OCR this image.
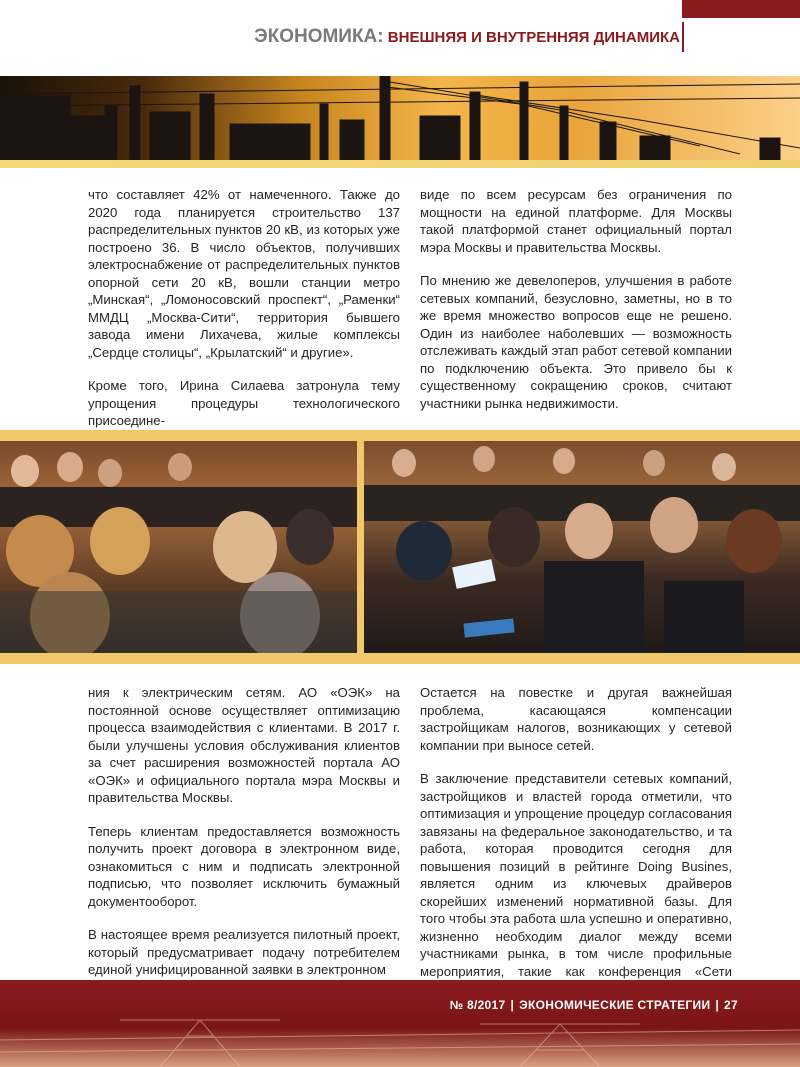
ЭКОНОМИКА: ВНЕШНЯЯ И ВНУТРЕННЯЯ ДИНАМИКА

что составляет 42% от намеченного. Также до 2020 года планируется строительство 137 распределительных пунктов 20 кВ, из которых уже построено 36. В число объектов, получивших электроснабжение от распределительных пунктов опорной сети 20 кВ, вошли станции метро „Минская“, „Ломоносовский проспект“, „Раменки“ ММДЦ „Москва-Сити“, территория бывшего завода имени Лихачева, жилые комплексы „Сердце столицы“, „Крылатский“ и другие».

Кроме того, Ирина Силаева затронула тему упрощения процедуры технологического присоедине-

виде по всем ресурсам без ограничения по мощности на единой платформе. Для Москвы такой платформой станет официальный портал мэра Москвы и правительства Москвы.

По мнению же девелоперов, улучшения в работе сетевых компаний, безусловно, заметны, но в то же время множество вопросов еще не решено. Один из наиболее наболевших — возможность отслеживать каждый этап работ сетевой компании по подключению объекта. Это привело бы к существенному сокращению сроков, считают участники рынка недвижимости.

ния к электрическим сетям. АО «ОЭК» на постоянной основе осуществляет оптимизацию процесса взаимодействия с клиентами. В 2017 г. были улучшены условия обслуживания клиентов за счет расширения возможностей портала АО «ОЭК» и официального портала мэра Москвы и правительства Москвы.

Теперь клиентам предоставляется возможность получить проект договора в электронном виде, ознакомиться с ним и подписать электронной подписью, что позволяет исключить бумажный документооборот.

В настоящее время реализуется пилотный проект, который предусматривает подачу потребителем единой унифицированной заявки в электронном

Остается на повестке и другая важнейшая проблема, касающаяся компенсации застройщикам налогов, возникающих у сетевой компании при выносе сетей.

В заключение представители сетевых компаний, застройщиков и властей города отметили, что оптимизация и упрощение процедур согласования завязаны на федеральное законодательство, и та работа, которая проводится сегодня для повышения позиций в рейтинге Doing Busines, является одним из ключевых драйверов скорейших изменений нормативной базы. Для того чтобы эта работа шла успешно и оперативно, жизненно необходим диалог между всеми участниками рынка, в том числе профильные мероприятия, такие как конференция «Сети

№ 8/2017 | ЭКОНОМИЧЕСКИЕ СТРАТЕГИИ | 27
